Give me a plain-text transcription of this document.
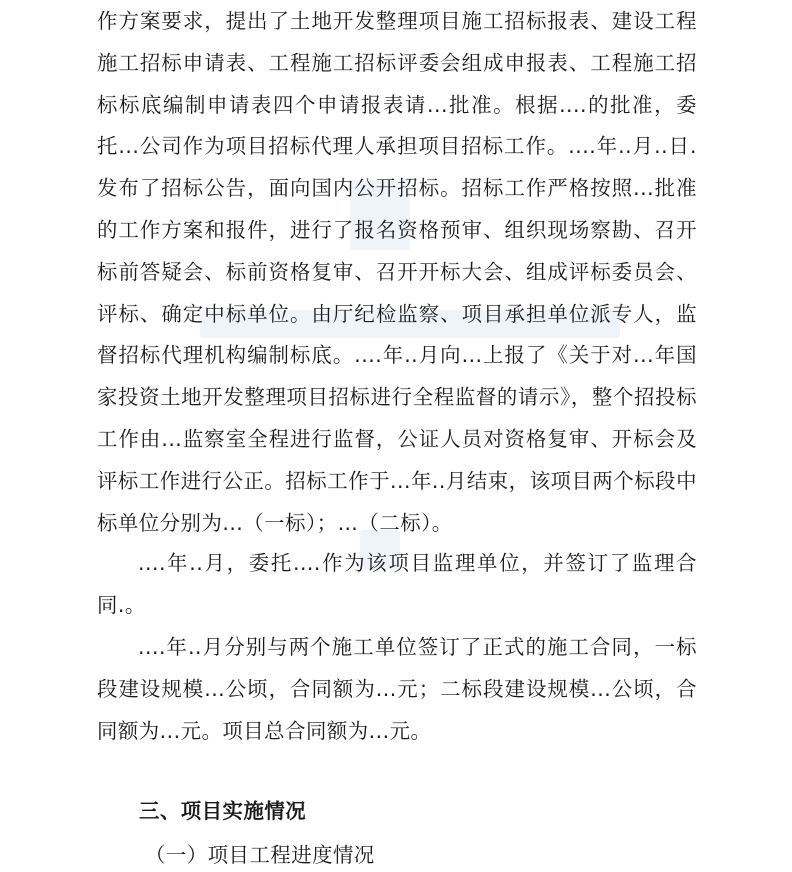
作方案要求，提出了土地开发整理项目施工招标报表、建设工程施工招标申请表、工程施工招标评委会组成申报表、工程施工招标标底编制申请表四个申请报表请...批准。根据....的批准，委托...公司作为项目招标代理人承担项目招标工作。....年..月..日.发布了招标公告，面向国内公开招标。招标工作严格按照...批准的工作方案和报件，进行了报名资格预审、组织现场察勘、召开标前答疑会、标前资格复审、召开开标大会、组成评标委员会、评标、确定中标单位。由厅纪检监察、项目承担单位派专人，监督招标代理机构编制标底。....年..月向...上报了《关于对...年国家投资土地开发整理项目招标进行全程监督的请示》，整个招投标工作由...监察室全程进行监督，公证人员对资格复审、开标会及评标工作进行公正。招标工作于...年..月结束，该项目两个标段中标单位分别为...（一标）；…（二标）。
....年..月，委托....作为该项目监理单位，并签订了监理合同.。
....年..月分别与两个施工单位签订了正式的施工合同，一标段建设规模...公顷，合同额为...元；二标段建设规模...公顷，合同额为...元。项目总合同额为...元。
三、项目实施情况
（一）项目工程进度情况
